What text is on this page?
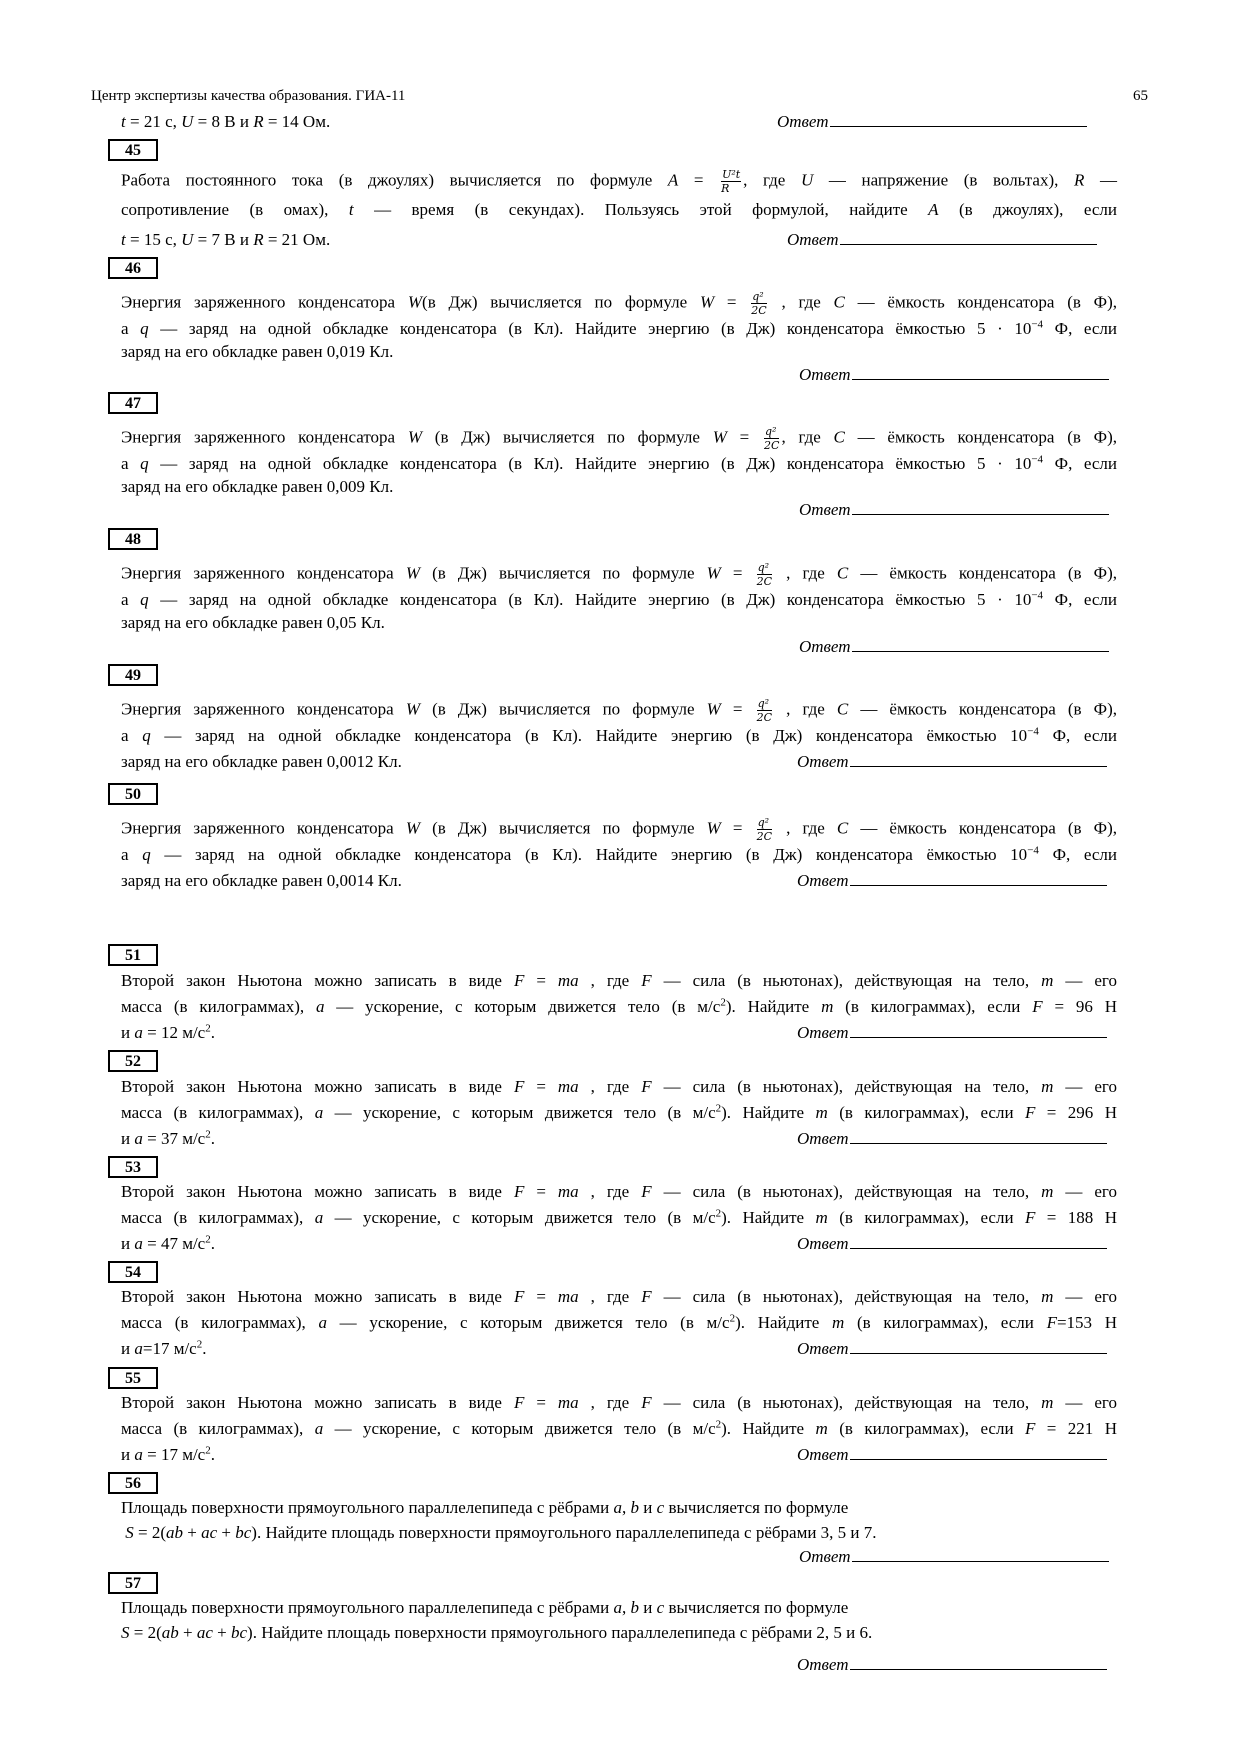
Центр экспертизы качества образования. ГИА-11	65
t = 21 с, U = 8 В и R = 14 Ом.	Ответ
45
Работа постоянного тока (в джоулях) вычисляется по формуле $A = \frac{\text{U²t}}{R}$ , где U — напряжение (в вольтах), R —
сопротивление (в омах), t — время (в секундах). Пользуясь этой формулой, найдите A (в джоулях), если
t = 15 с, U = 7 В и R = 21 Ом.	Ответ
46
Энергия заряженного конденсатора W(в Дж) вычисляется по формуле $W = \frac{\text{q²}}{2C}$ , где C — ёмкость конденсатора (в Ф),
а q — заряд на одной обкладке конденсатора (в Кл). Найдите энергию (в Дж) конденсатора ёмкостью $5 \cdot 10^{-4}$ Ф, если
заряд на его обкладке равен 0,019 Кл.
Ответ
47
Энергия заряженного конденсатора W (в Дж) вычисляется по формуле $W = \frac{\text{q²}}{2C}$ , где C — ёмкость конденсатора (в Ф),
а q — заряд на одной обкладке конденсатора (в Кл). Найдите энергию (в Дж) конденсатора ёмкостью $5 \cdot 10^{-4}$ Ф, если
заряд на его обкладке равен 0,009 Кл.
Ответ
48
Энергия заряженного конденсатора W (в Дж) вычисляется по формуле $W = \frac{\text{q²}}{2C}$ , где C — ёмкость конденсатора (в Ф),
а q — заряд на одной обкладке конденсатора (в Кл). Найдите энергию (в Дж) конденсатора ёмкостью $5 \cdot 10^{-4}$ Ф, если
заряд на его обкладке равен 0,05 Кл.
Ответ
49
Энергия заряженного конденсатора W (в Дж) вычисляется по формуле $W = \frac{\text{q²}}{2C}$ , где C — ёмкость конденсатора (в Ф),
а q — заряд на одной обкладке конденсатора (в Кл). Найдите энергию (в Дж) конденсатора ёмкостью $10^{-4}$ Ф, если
заряд на его обкладке равен 0,0012 Кл.	Ответ
50
Энергия заряженного конденсатора W (в Дж) вычисляется по формуле $W = \frac{\text{q²}}{2C}$ , где C — ёмкость конденсатора (в Ф),
а q — заряд на одной обкладке конденсатора (в Кл). Найдите энергию (в Дж) конденсатора ёмкостью $10^{-4}$ Ф, если
заряд на его обкладке равен 0,0014 Кл.	Ответ
51
Второй закон Ньютона можно записать в виде F = ma , где F — сила (в ньютонах), действующая на тело, m — его
масса (в килограммах), a — ускорение, с которым движется тело (в $м/с^2$). Найдите m (в килограммах), если F = 96 Н
и a = 12 $м/с^2$.	Ответ
52
Второй закон Ньютона можно записать в виде F = ma , где F — сила (в ньютонах), действующая на тело, m — его
масса (в килограммах), a — ускорение, с которым движется тело (в $м/с^2$). Найдите m (в килограммах), если F = 296 Н
и a = 37 $м/с^2$.	Ответ
53
Второй закон Ньютона можно записать в виде F = ma , где F — сила (в ньютонах), действующая на тело, m — его
масса (в килограммах), a — ускорение, с которым движется тело (в $м/с^2$). Найдите m (в килограммах), если F = 188 Н
и a = 47 $м/с^2$.	Ответ
54
Второй закон Ньютона можно записать в виде F = ma , где F — сила (в ньютонах), действующая на тело, m — его
масса (в килограммах), a — ускорение, с которым движется тело (в $м/с^2$). Найдите m (в килограммах), если F=153 Н
и a=17 $м/с^2$.	Ответ
55
Второй закон Ньютона можно записать в виде F = ma , где F — сила (в ньютонах), действующая на тело, m — его
масса (в килограммах), a — ускорение, с которым движется тело (в $м/с^2$). Найдите m (в килограммах), если F = 221 Н
и a = 17 $м/с^2$.	Ответ
56
Площадь поверхности прямоугольного параллелепипеда с рёбрами a, b и c вычисляется по формуле
S = 2(ab + ac + bc). Найдите площадь поверхности прямоугольного параллелепипеда с рёбрами 3, 5 и 7.
Ответ
57
Площадь поверхности прямоугольного параллелепипеда с рёбрами a, b и c вычисляется по формуле
S = 2(ab + ac + bc). Найдите площадь поверхности прямоугольного параллелепипеда с рёбрами 2, 5 и 6.
Ответ
